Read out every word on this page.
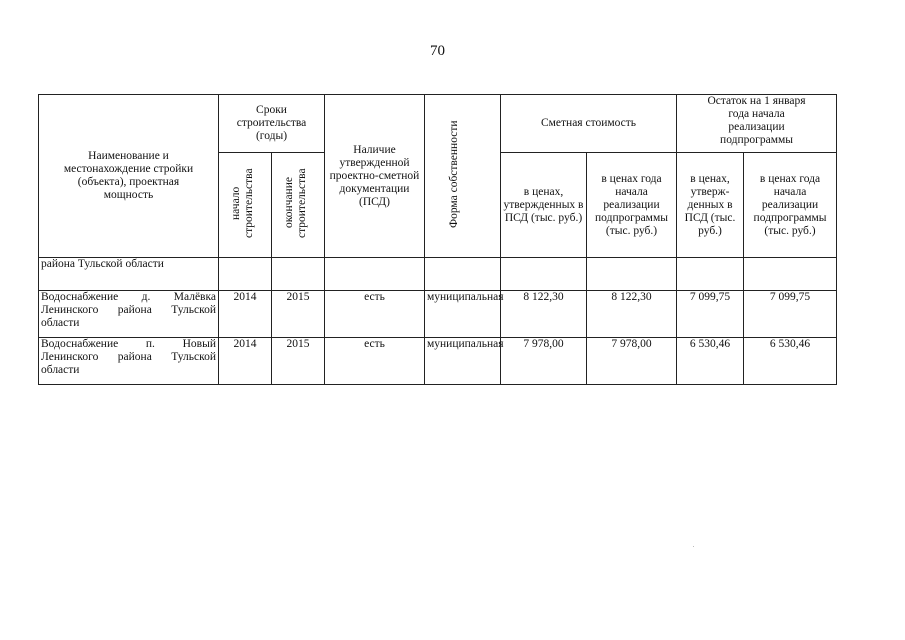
70
Наименование и местонахождение стройки (объекта), проектная мощность	Сроки строительства (годы)		Наличие утвержденной проектно-сметной документации (ПСД)	Форма собственности	Сметная стоимость		Остаток на 1 января года начала реализации подпрограммы	

	начало строительства	окончание строительства			в ценах, утвержденных в ПСД (тыс. руб.)	в ценах года начала реализации подпрограммы (тыс. руб.)	в ценах, утверж-денных в ПСД (тыс. руб.)	в ценах года начала реализации подпрограммы (тыс. руб.)

района Тульской области								
Водоснабжение д. Малёвка Ленинского района Тульской области	2014	2015	есть	муниципальная	8 122,30	8 122,30	7 099,75	7 099,75
Водоснабжение п. Новый Ленинского района Тульской области	2014	2015	есть	муниципальная	7 978,00	7 978,00	6 530,46	6 530,46
